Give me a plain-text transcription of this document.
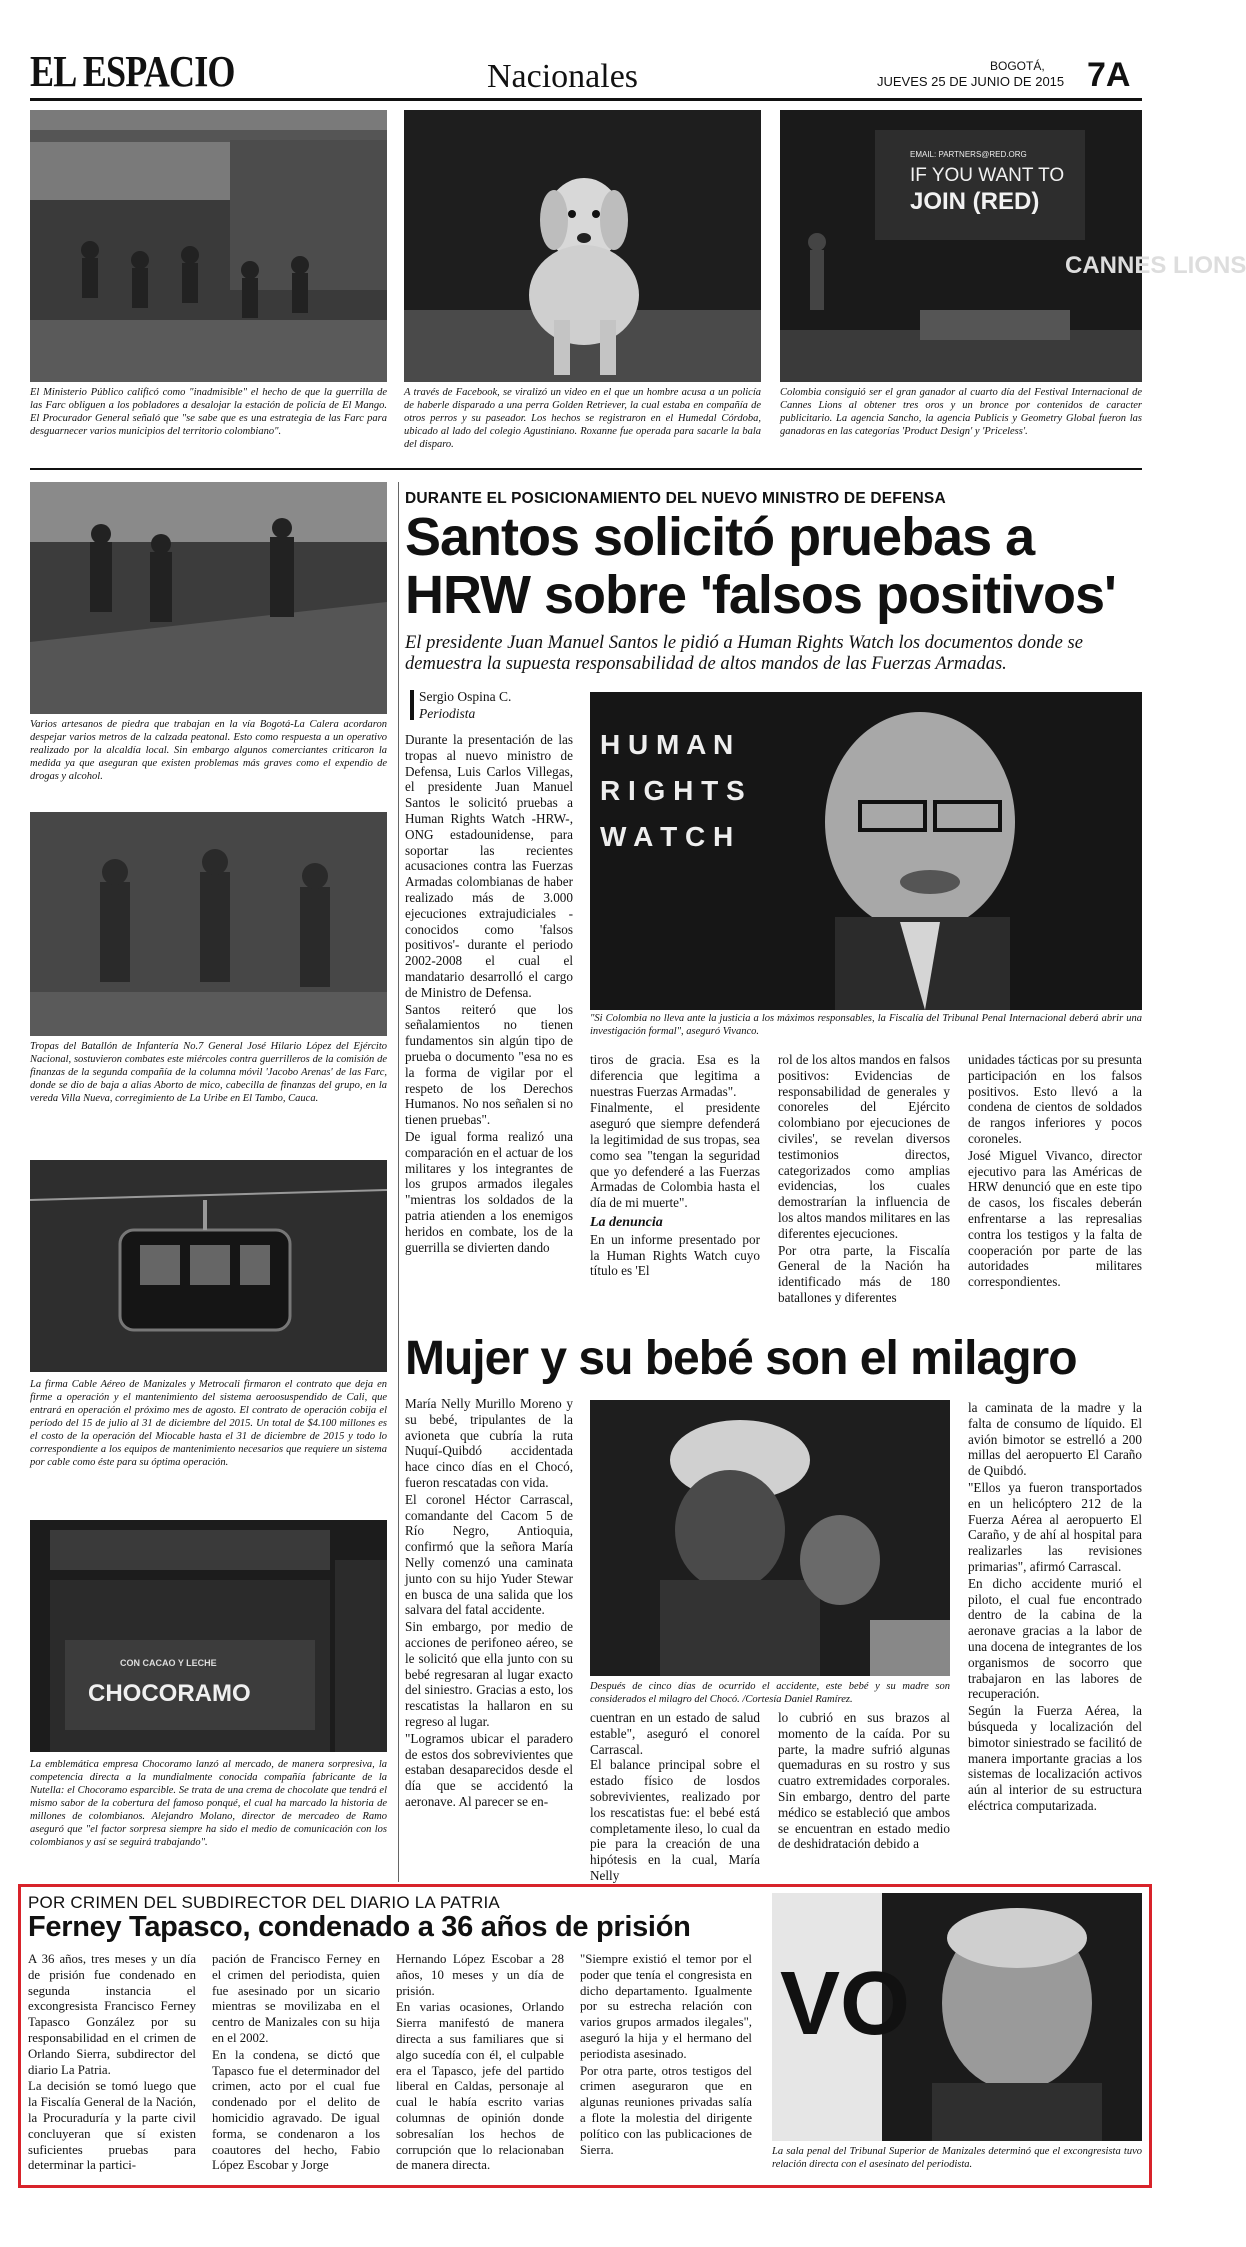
EL ESPACIO	Nacionales	BOGOTÁ,
JUEVES 25 DE JUNIO DE 2015 7A
El Ministerio Público calificó como "inadmisible" el hecho de que la guerrilla de las Farc obliguen a los pobladores a desalojar la estación de policía de El Mango. El Procurador General señaló que "se sabe que es una estrategia de las Farc para desguarnecer varios municipios del territorio colombiano".
A través de Facebook, se viralizó un video en el que un hombre acusa a un policía de haberle disparado a una perra Golden Retriever, la cual estaba en compañía de otros perros y su paseador. Los hechos se registraron en el Humedal Córdoba, ubicado al lado del colegio Agustiniano. Roxanne fue operada para sacarle la bala del disparo.
EMAIL: PARTNERS@RED.ORG
IF YOU WANT TO
JOIN (RED)
CANNES LIONS
Colombia consiguió ser el gran ganador al cuarto día del Festival Internacional de Cannes Lions al obtener tres oros y un bronce por contenidos de caracter publicitario. La agencia Sancho, la agencia Publicis y Geometry Global fueron las ganadoras en las categorías 'Product Design' y 'Priceless'.
Varios artesanos de piedra que trabajan en la vía Bogotá-La Calera acordaron despejar varios metros de la calzada peatonal. Esto como respuesta a un operativo realizado por la alcaldía local. Sin embargo algunos comerciantes criticaron la medida ya que aseguran que existen problemas más graves como el expendio de drogas y alcohol.
Tropas del Batallón de Infantería No.7 General José Hilario López del Ejército Nacional, sostuvieron combates este miércoles contra guerrilleros de la comisión de finanzas de la segunda compañía de la columna móvil 'Jacobo Arenas' de las Farc, donde se dio de baja a alias Aborto de mico, cabecilla de finanzas del grupo, en la vereda Villa Nueva, corregimiento de La Uribe en El Tambo, Cauca.
La firma Cable Aéreo de Manizales y Metrocali firmaron el contrato que deja en firme a operación y el mantenimiento del sistema aeroosuspendido de Cali, que entrará en operación el próximo mes de agosto. El contrato de operación cobija el período del 15 de julio al 31 de diciembre del 2015. Un total de $4.100 millones es el costo de la operación del Miocable hasta el 31 de diciembre de 2015 y todo lo correspondiente a los equipos de mantenimiento necesarios que requiere un sistema por cable como éste para su óptima operación.
CON CACAO Y LECHE
CHOCORAMO
La emblemática empresa Chocoramo lanzó al mercado, de manera sorpresiva, la competencia directa a la mundialmente conocida compañía fabricante de la Nutella: el Chocoramo esparcible. Se trata de una crema de chocolate que tendrá el mismo sabor de la cobertura del famoso ponqué, el cual ha marcado la historia de millones de colombianos. Alejandro Molano, director de mercadeo de Ramo aseguró que "el factor sorpresa siempre ha sido el medio de comunicación con los colombianos y así se seguirá trabajando".
DURANTE EL POSICIONAMIENTO DEL NUEVO MINISTRO DE DEFENSA
Santos solicitó pruebas a
HRW sobre 'falsos positivos'
El presidente Juan Manuel Santos le pidió a Human Rights Watch los documentos donde se demuestra la supuesta responsabilidad de altos mandos de las Fuerzas Armadas.
Sergio Ospina C.
Periodista

Durante la presentación de las tropas al nuevo ministro de Defensa, Luis Carlos Villegas, el presidente Juan Manuel Santos le solicitó pruebas a Human Rights Watch -HRW-, ONG estadounidense, para soportar las recientes acusaciones contra las Fuerzas Armadas colombianas de haber realizado más de 3.000 ejecuciones extrajudiciales -conocidos como 'falsos positivos'- durante el periodo 2002-2008 el cual el mandatario desarrolló el cargo de Ministro de Defensa.

Santos reiteró que los señalamientos no tienen fundamentos sin algún tipo de prueba o documento "esa no es la forma de vigilar por el respeto de los Derechos Humanos. No nos señalen si no tienen pruebas".

De igual forma realizó una comparación en el actuar de los militares y los integrantes de los grupos armados ilegales "mientras los soldados de la patria atienden a los enemigos heridos en combate, los de la guerrilla se divierten dando

H U M A N R I G H T S W A T C H
"Si Colombia no lleva ante la justicia a los máximos responsables, la Fiscalía del Tribunal Penal Internacional deberá abrir una investigación formal", aseguró Vivanco.

tiros de gracia. Esa es la diferencia que legitima a nuestras Fuerzas Armadas".

Finalmente, el presidente aseguró que siempre defenderá la legitimidad de sus tropas, sea como sea "tengan la seguridad que yo defenderé a las Fuerzas Armadas de Colombia hasta el día de mi muerte".

La denuncia

En un informe presentado por la Human Rights Watch cuyo título es 'El

rol de los altos mandos en falsos positivos: Evidencias de responsabilidad de generales y conoreles del Ejército colombiano por ejecuciones de civiles', se revelan diversos testimonios directos, categorizados como amplias evidencias, los cuales demostrarían la influencia de los altos mandos militares en las diferentes ejecuciones.

Por otra parte, la Fiscalía General de la Nación ha identificado más de 180 batallones y diferentes

unidades tácticas por su presunta participación en los falsos positivos. Esto llevó a la condena de cientos de soldados de rangos inferiores y pocos coroneles.

José Miguel Vivanco, director ejecutivo para las Américas de HRW denunció que en este tipo de casos, los fiscales deberán enfrentarse a las represalias contra los testigos y la falta de cooperación por parte de las autoridades militares correspondientes.

Mujer y su bebé son el milagro

María Nelly Murillo Moreno y su bebé, tripulantes de la avioneta que cubría la ruta Nuquí-Quibdó accidentada hace cinco días en el Chocó, fueron rescatadas con vida.

El coronel Héctor Carrascal, comandante del Cacom 5 de Río Negro, Antioquia, confirmó que la señora María Nelly comenzó una caminata junto con su hijo Yuder Stewar en busca de una salida que los salvara del fatal accidente.

Sin embargo, por medio de acciones de perifoneo aéreo, se le solicitó que ella junto con su bebé regresaran al lugar exacto del siniestro. Gracias a esto, los rescatistas la hallaron en su regreso al lugar.

"Logramos ubicar el paradero de estos dos sobrevivientes que estaban desaparecidos desde el día que se accidentó la aeronave. Al parecer se en-

Después de cinco días de ocurrido el accidente, este bebé y su madre son considerados el milagro del Chocó. /Cortesía Daniel Ramírez.
cuentran en un estado de salud estable", aseguró el conorel Carrascal.
El balance principal sobre el estado físico de losdos sobrevivientes, realizado por los rescatistas fue: el bebé está completamente ileso, lo cual da pie para la creación de una hipótesis en la cual, María Nelly
lo cubrió en sus brazos al momento de la caída. Por su parte, la madre sufrió algunas quemaduras en su rostro y sus cuatro extremidades corporales. Sin embargo, dentro del parte médico se estableció que ambos se encuentran en estado medio de deshidratación debido a

la caminata de la madre y la falta de consumo de líquido. El avión bimotor se estrelló a 200 millas del aeropuerto El Caraño de Quibdó.

"Ellos ya fueron transportados en un helicóptero 212 de la Fuerza Aérea al aeropuerto El Caraño, y de ahí al hospital para realizarles las revisiones primarias", afirmó Carrascal.

En dicho accidente murió el piloto, el cual fue encontrado dentro de la cabina de la aeronave gracias a la labor de una docena de integrantes de los organismos de socorro que trabajaron en las labores de recuperación.

Según la Fuerza Aérea, la búsqueda y localización del bimotor siniestrado se facilitó de manera importante gracias a los sistemas de localización activos aún al interior de su estructura eléctrica computarizada.

POR CRIMEN DEL SUBDIRECTOR DEL DIARIO LA PATRIA
Ferney Tapasco, condenado a 36 años de prisión

A 36 años, tres meses y un día de prisión fue condenado en segunda instancia el excongresista Francisco Ferney Tapasco González por su responsabilidad en el crimen de Orlando Sierra, subdirector del diario La Patria.

La decisión se tomó luego que la Fiscalía General de la Nación, la Procuraduría y la parte civil concluyeran que sí existen suficientes pruebas para determinar la partici-

pación de Francisco Ferney en el crimen del periodista, quien fue asesinado por un sicario mientras se movilizaba en el centro de Manizales con su hija en el 2002.

En la condena, se dictó que Tapasco fue el determinador del crimen, acto por el cual fue condenado por el delito de homicidio agravado. De igual forma, se condenaron a los coautores del hecho, Fabio López Escobar y Jorge

Hernando López Escobar a 28 años, 10 meses y un día de prisión.

En varias ocasiones, Orlando Sierra manifestó de manera directa a sus familiares que si algo sucedía con él, el culpable era el Tapasco, jefe del partido liberal en Caldas, personaje al cual le había escrito varias columnas de opinión donde sobresalían los hechos de corrupción que lo relacionaban de manera directa.

"Siempre existió el temor por el poder que tenía el congresista en dicho departamento. Igualmente por su estrecha relación con varios grupos armados ilegales", aseguró la hija y el hermano del periodista asesinado.

Por otra parte, otros testigos del crimen aseguraron que en algunas reuniones privadas salía a flote la molestia del dirigente político con las publicaciones de Sierra.

VO
La sala penal del Tribunal Superior de Manizales determinó que el excongresista tuvo relación directa con el asesinato del periodista.
